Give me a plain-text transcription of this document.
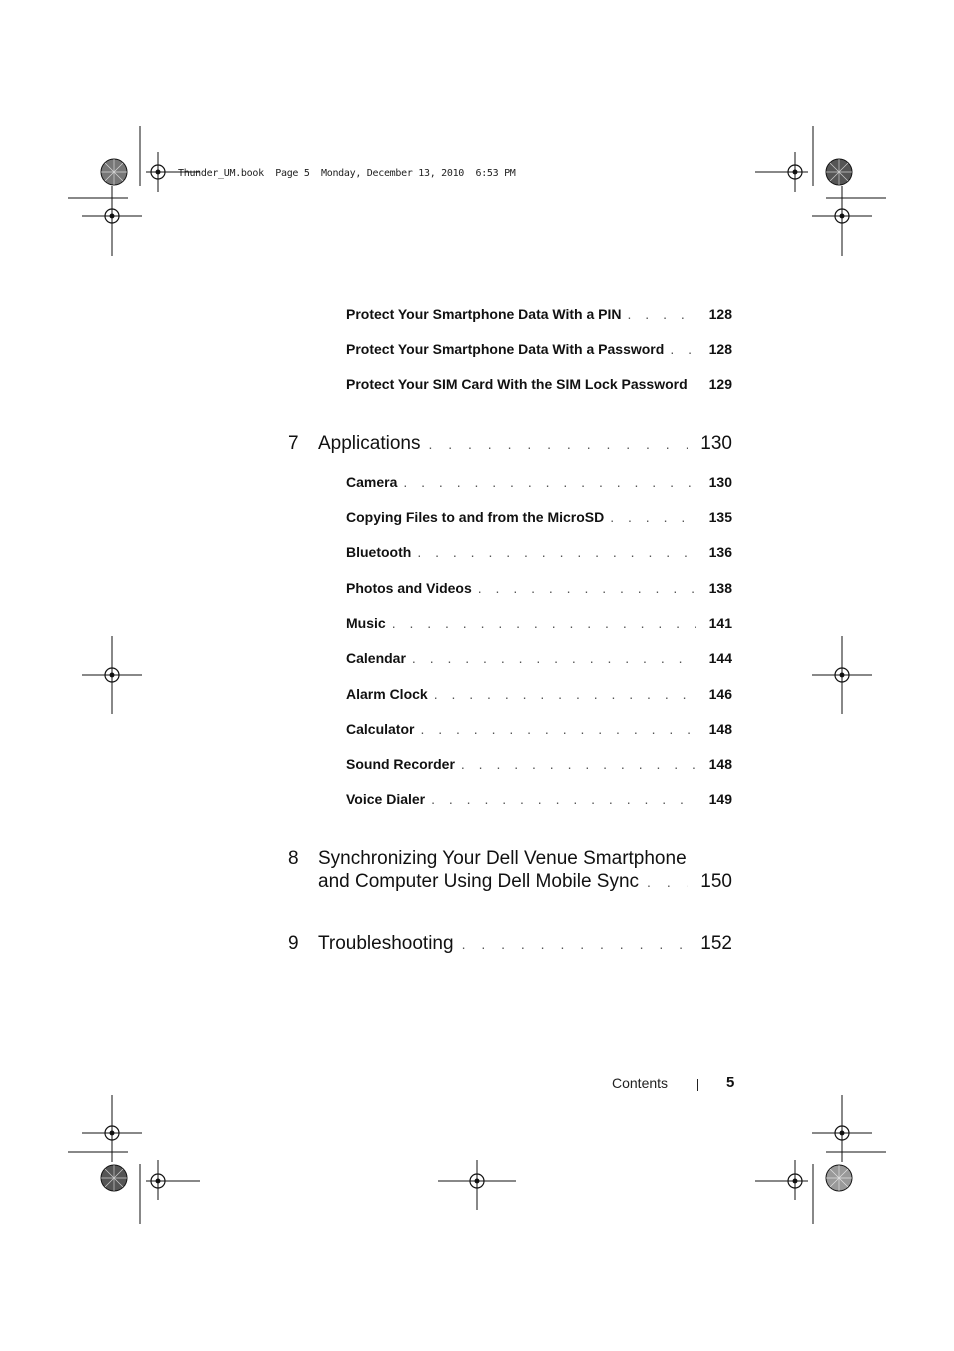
Thunder_UM.book  Page 5  Monday, December 13, 2010  6:53 PM
Protect Your Smartphone Data With a PIN . . .	128
Protect Your Smartphone Data With a Password . . .	128
Protect Your SIM Card With the SIM Lock Password	129
7	Applications . . .	130
Camera . . .	130
Copying Files to and from the MicroSD . . .	135
Bluetooth . . .	136
Photos and Videos . . .	138
Music . . .	141
Calendar . . .	144
Alarm Clock . . .	146
Calculator . . .	148
Sound Recorder . . .	148
Voice Dialer . . .	149
8	Synchronizing Your Dell Venue Smartphone
and Computer Using Dell Mobile Sync . . .	150
9	Troubleshooting . . .	152
Contents	5
